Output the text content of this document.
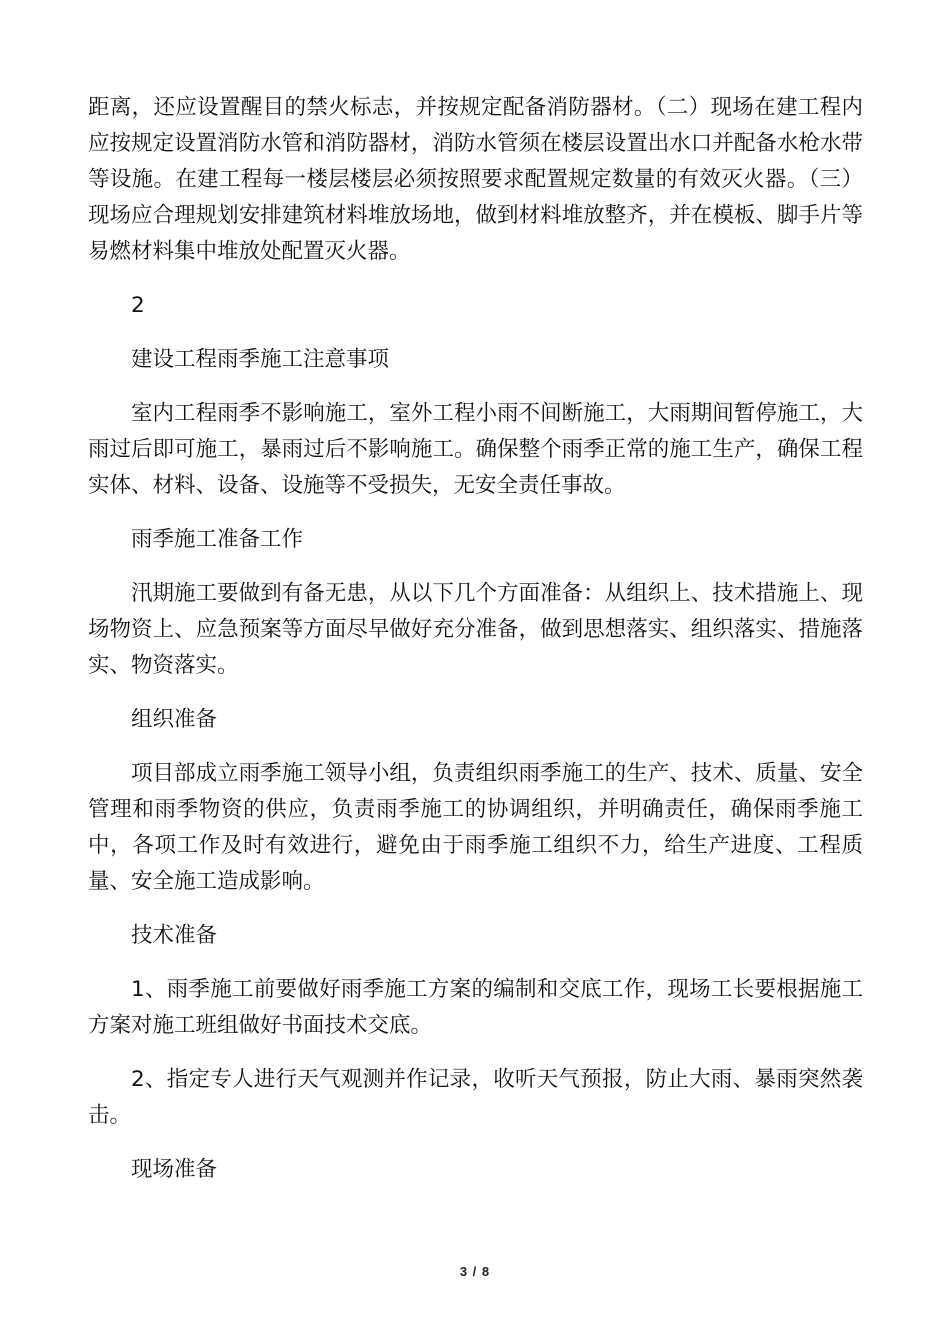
距离，还应设置醒目的禁火标志，并按规定配备消防器材。（二）现场在建工程内应按规定设置消防水管和消防器材，消防水管须在楼层设置出水口并配备水枪水带等设施。在建工程每一楼层楼层必须按照要求配置规定数量的有效灭火器。（三）现场应合理规划安排建筑材料堆放场地，做到材料堆放整齐，并在模板、脚手片等易燃材料集中堆放处配置灭火器。

2

建设工程雨季施工注意事项

室内工程雨季不影响施工，室外工程小雨不间断施工，大雨期间暂停施工，大雨过后即可施工，暴雨过后不影响施工。确保整个雨季正常的施工生产，确保工程实体、材料、设备、设施等不受损失，无安全责任事故。

雨季施工准备工作

汛期施工要做到有备无患，从以下几个方面准备：从组织上、技术措施上、现场物资上、应急预案等方面尽早做好充分准备，做到思想落实、组织落实、措施落实、物资落实。

组织准备

项目部成立雨季施工领导小组，负责组织雨季施工的生产、技术、质量、安全管理和雨季物资的供应，负责雨季施工的协调组织，并明确责任，确保雨季施工中，各项工作及时有效进行，避免由于雨季施工组织不力，给生产进度、工程质量、安全施工造成影响。

技术准备

1、雨季施工前要做好雨季施工方案的编制和交底工作，现场工长要根据施工方案对施工班组做好书面技术交底。

2、指定专人进行天气观测并作记录，收听天气预报，防止大雨、暴雨突然袭击。

现场准备

3 / 8
